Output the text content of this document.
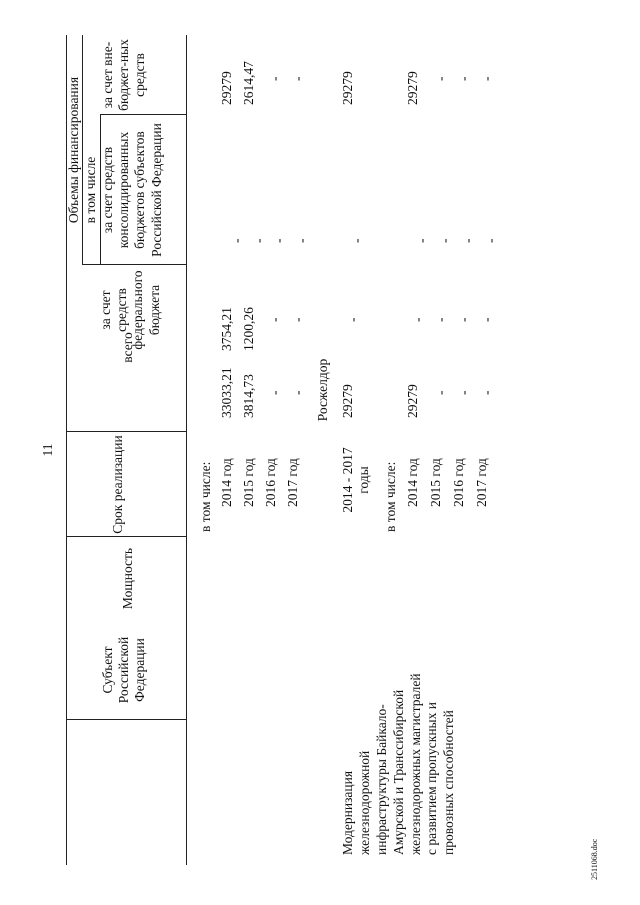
11
Субъект Российской Федерации
Мощность
Срок реализации
всего
Объемы финансирования в том числе
за счет средств федерального бюджета
за счет средств консолидированных бюджетов субъектов Российской Федерации
за счет вне-бюджет-ных средств
в том числе: 2014 год
33033,21
3754,21
-
29279
2015 год
3814,73
1200,26
-
2614,47
2016 год
-
-
-
-
2017 год
-
-
-
-
Росжелдор
Модернизация железнодорожной инфраструктуры Байкало-Амурской и Транссибирской железнодорожных магистралей с развитием пропускных и провозных способностей
2014 - 2017 годы
29279
-
-
29279
в том числе: 2014 год
29279
-
-
29279
2015 год
-
-
-
-
2016 год
-
-
-
-
2017 год
-
-
-
-
2511068.doc
